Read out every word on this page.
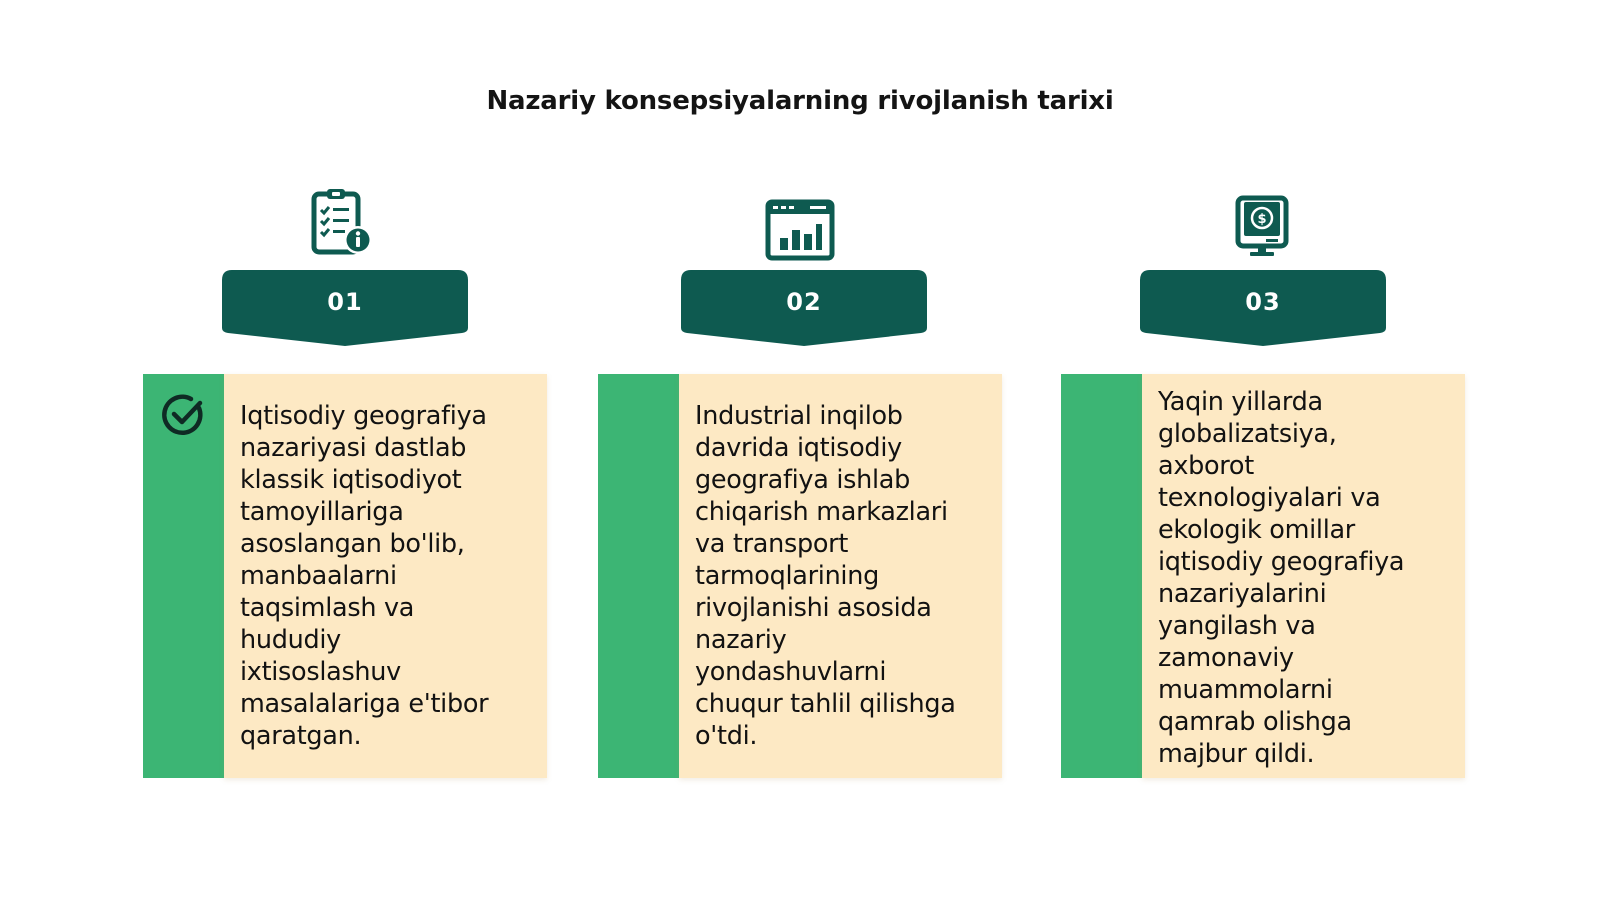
Nazariy konsepsiyalarning rivojlanish tarixi
01
Iqtisodiy geografiya
nazariyasi dastlab
klassik iqtisodiyot
tamoyillariga
asoslangan bo'lib,
manbaalarni
taqsimlash va
hududiy
ixtisoslashuv
masalalariga e'tibor
qaratgan.
02
Industrial inqilob
davrida iqtisodiy
geografiya ishlab
chiqarish markazlari
va transport
tarmoqlarining
rivojlanishi asosida
nazariy
yondashuvlarni
chuqur tahlil qilishga
o'tdi.
$
03
Yaqin yillarda
globalizatsiya,
axborot
texnologiyalari va
ekologik omillar
iqtisodiy geografiya
nazariyalarini
yangilash va
zamonaviy
muammolarni
qamrab olishga
majbur qildi.
